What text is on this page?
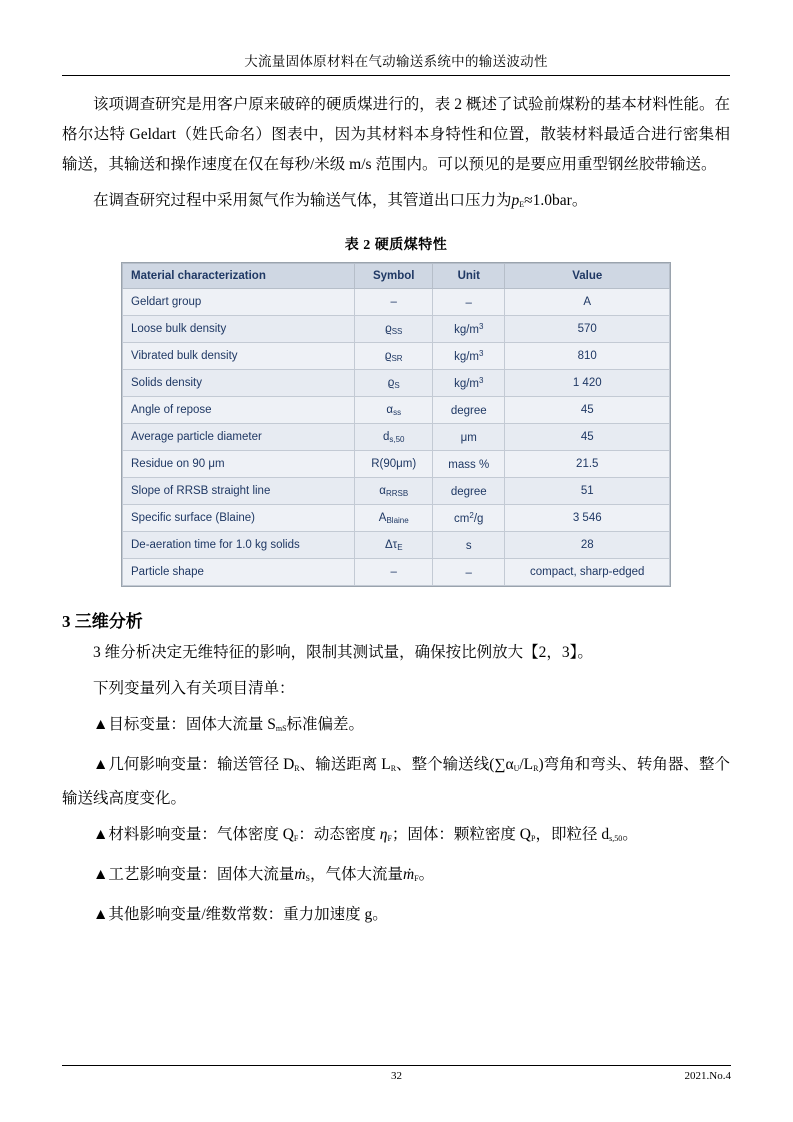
大流量固体原材料在气动输送系统中的输送波动性

该项调查研究是用客户原来破碎的硬质煤进行的，表 2 概述了试验前煤粉的基本材料性能。在格尔达特 Geldart（姓氏命名）图表中，因为其材料本身特性和位置，散装材料最适合进行密集相输送，其输送和操作速度在仅在每秒/米级 m/s 范围内。可以预见的是要应用重型钢丝胶带输送。

在调查研究过程中采用氮气作为输送气体，其管道出口压力为$p_E\approx 1.0bar$。

表 2 硬质煤特性
Material characterization	Symbol	Unit	Value
Geldart group	–	–	A
Loose bulk density	$ϱ_{SS}$	$kg/m^3$	570
Vibrated bulk density	$ϱ_{SR}$	$kg/m^3$	810
Solids density	$ϱ_S$	$kg/m^3$	1 420
Angle of repose	$\alpha_{ss}$	degree	45
Average particle diameter	$d_{s,50}$	μm	45
Residue on 90 μm	R(90μm)	mass %	21.5
Slope of RRSB straight line	$\alpha_{RRSB}$	degree	51
Specific surface (Blaine)	$A_{Blaine}$	$cm^2/g$	3 546
De-aeration time for 1.0 kg solids	$\Delta\tau_E$	s	28
Particle shape	–	–	compact, sharp-edged
3 三维分析

3 维分析决定无维特征的影响，限制其测试量，确保按比例放大【2，3】。

下列变量列入有关项目清单：

▲目标变量：固体大流量 $S_{mS}$标准偏差。

▲几何影响变量：输送管径 $D_R$、输送距离 $L_R$、整个输送线$(\sum\alpha_U/L_R)$弯角和弯头、转角器、整个输送线高度变化。

▲材料影响变量：气体密度 $Q_F$：动态密度 $\eta_F$；固体：颗粒密度 $Q_P$，即粒径 $d_{s,50}$。

▲工艺影响变量：固体大流量ṁ$_S$，气体大流量ṁ$_F$。

▲其他影响变量/维数常数：重力加速度 g。

2021.No.4
32
